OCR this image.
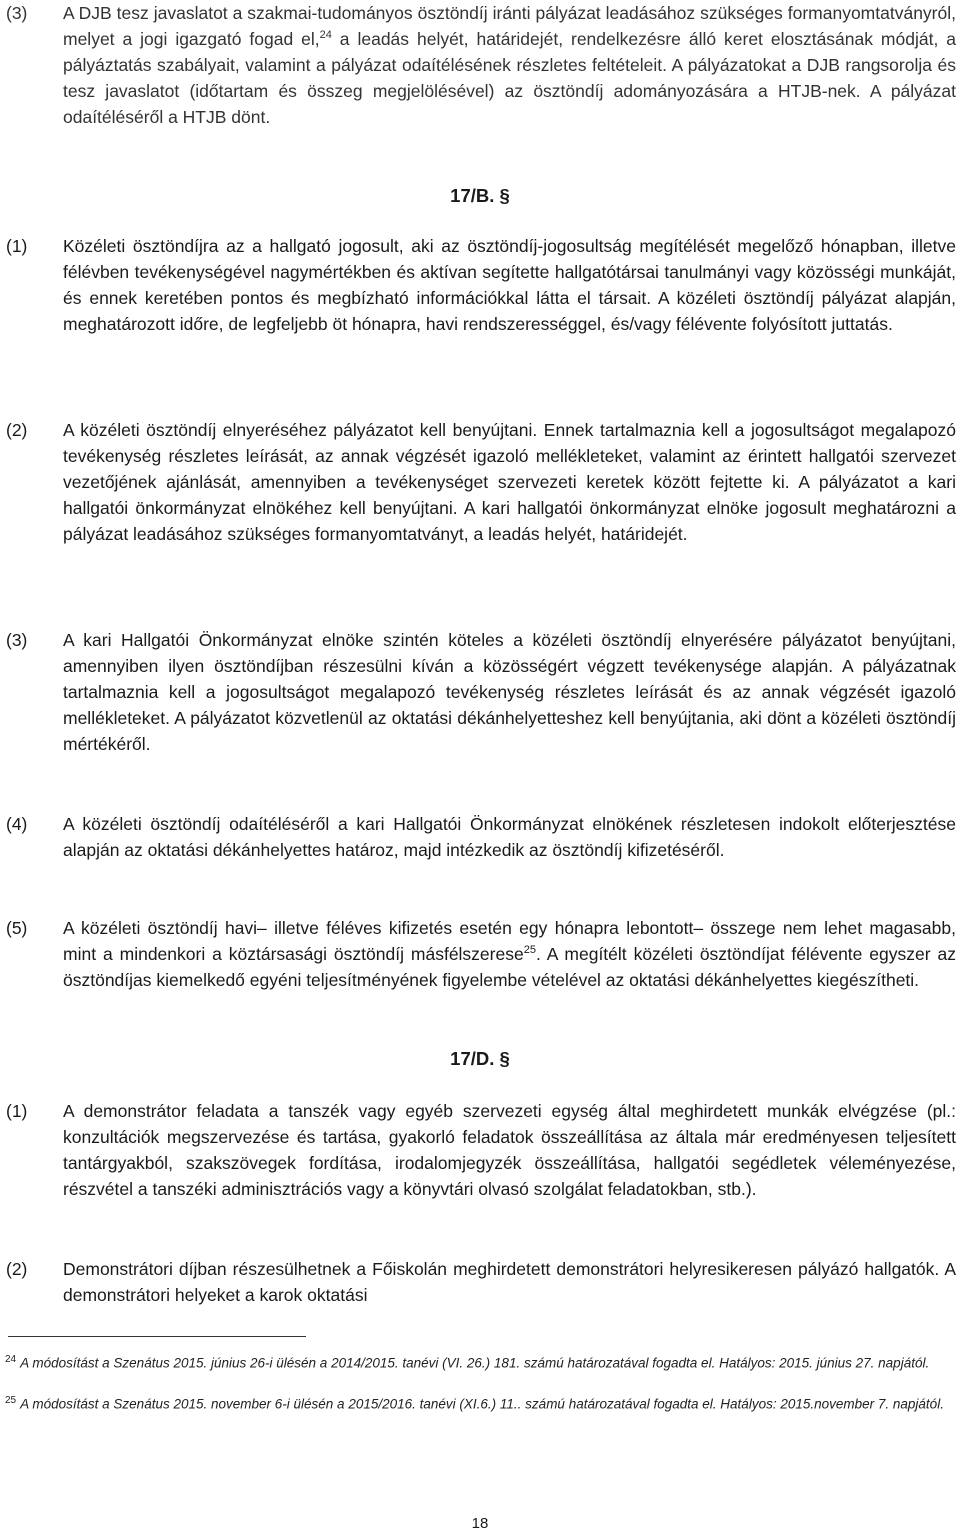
(3) A DJB tesz javaslatot a szakmai-tudományos ösztöndíj iránti pályázat leadásához szükséges formanyomtatványról, melyet a jogi igazgató fogad el,$^{24}$ a leadás helyét, határidejét, rendelkezésre álló keret elosztásának módját, a pályáztatás szabályait, valamint a pályázat odaítélésének részletes feltételeit. A pályázatokat a DJB rangsorolja és tesz javaslatot (időtartam és összeg megjelölésével) az ösztöndíj adományozására a HTJB-nek. A pályázat odaítéléséről a HTJB dönt.
17/B. §
(1) Közéleti ösztöndíjra az a hallgató jogosult, aki az ösztöndíj-jogosultság megítélését megelőző hónapban, illetve félévben tevékenységével nagymértékben és aktívan segítette hallgatótársai tanulmányi vagy közösségi munkáját, és ennek keretében pontos és megbízható információkkal látta el társait. A közéleti ösztöndíj pályázat alapján, meghatározott időre, de legfeljebb öt hónapra, havi rendszerességgel, és/vagy félévente folyósított juttatás.
(2) A közéleti ösztöndíj elnyeréséhez pályázatot kell benyújtani. Ennek tartalmaznia kell a jogosultságot megalapozó tevékenység részletes leírását, az annak végzését igazoló mellékleteket, valamint az érintett hallgatói szervezet vezetőjének ajánlását, amennyiben a tevékenységet szervezeti keretek között fejtette ki. A pályázatot a kari hallgatói önkormányzat elnökéhez kell benyújtani. A kari hallgatói önkormányzat elnöke jogosult meghatározni a pályázat leadásához szükséges formanyomtatványt, a leadás helyét, határidejét.
(3) A kari Hallgatói Önkormányzat elnöke szintén köteles a közéleti ösztöndíj elnyerésére pályázatot benyújtani, amennyiben ilyen ösztöndíjban részesülni kíván a közösségért végzett tevékenysége alapján. A pályázatnak tartalmaznia kell a jogosultságot megalapozó tevékenység részletes leírását és az annak végzését igazoló mellékleteket. A pályázatot közvetlenül az oktatási dékánhelyetteshez kell benyújtania, aki dönt a közéleti ösztöndíj mértékéről.
(4) A közéleti ösztöndíj odaítéléséről a kari Hallgatói Önkormányzat elnökének részletesen indokolt előterjesztése alapján az oktatási dékánhelyettes határoz, majd intézkedik az ösztöndíj kifizetéséről.
(5) A közéleti ösztöndíj havi– illetve féléves kifizetés esetén egy hónapra lebontott– összege nem lehet magasabb, mint a mindenkori a köztársasági ösztöndíj másfélszerese$^{25}$. A megítélt közéleti ösztöndíjat félévente egyszer az ösztöndíjas kiemelkedő egyéni teljesítményének figyelembe vételével az oktatási dékánhelyettes kiegészítheti.
17/D. §
(1) A demonstrátor feladata a tanszék vagy egyéb szervezeti egység által meghirdetett munkák elvégzése (pl.: konzultációk megszervezése és tartása, gyakorló feladatok összeállítása az általa már eredményesen teljesített tantárgyakból, szakszövegek fordítása, irodalomjegyzék összeállítása, hallgatói segédletek véleményezése, részvétel a tanszéki adminisztrációs vagy a könyvtári olvasó szolgálat feladatokban, stb.).
(2) Demonstrátori díjban részesülhetnek a Főiskolán meghirdetett demonstrátori helyresikeresen pályázó hallgatók. A demonstrátori helyeket a karok oktatási
$^{24}$ A módosítást a Szenátus 2015. június 26-i ülésén a 2014/2015. tanévi (VI. 26.) 181. számú határozatával fogadta el. Hatályos: 2015. június 27. napjától.
$^{25}$ A módosítást a Szenátus 2015. november 6-i ülésén a 2015/2016. tanévi (XI.6.) 11.. számú határozatával fogadta el. Hatályos: 2015.november 7. napjától.
18
